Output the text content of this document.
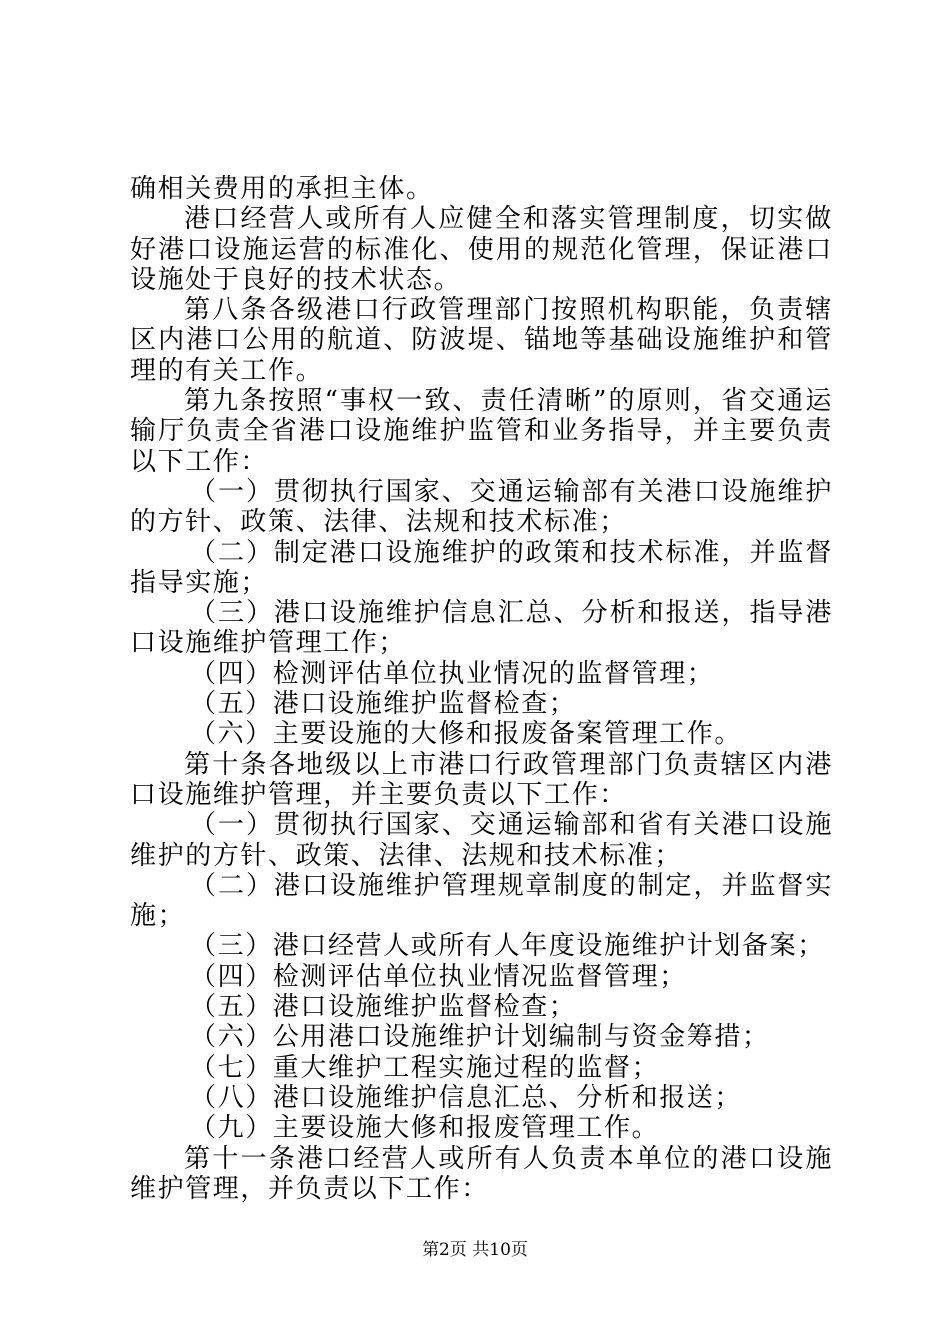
确相关费用的承担主体。

港口经营人或所有人应健全和落实管理制度，切实做好港口设施运营的标准化、使用的规范化管理，保证港口设施处于良好的技术状态。

第八条各级港口行政管理部门按照机构职能，负责辖区内港口公用的航道、防波堤、锚地等基础设施维护和管理的有关工作。

第九条按照“事权一致、责任清晰”的原则，省交通运输厅负责全省港口设施维护监管和业务指导，并主要负责以下工作：

（一）贯彻执行国家、交通运输部有关港口设施维护的方针、政策、法律、法规和技术标准；

（二）制定港口设施维护的政策和技术标准，并监督指导实施；

（三）港口设施维护信息汇总、分析和报送，指导港口设施维护管理工作；

（四）检测评估单位执业情况的监督管理；

（五）港口设施维护监督检查；

（六）主要设施的大修和报废备案管理工作。

第十条各地级以上市港口行政管理部门负责辖区内港口设施维护管理，并主要负责以下工作：

（一）贯彻执行国家、交通运输部和省有关港口设施维护的方针、政策、法律、法规和技术标准；

（二）港口设施维护管理规章制度的制定，并监督实施；

（三）港口经营人或所有人年度设施维护计划备案；

（四）检测评估单位执业情况监督管理；

（五）港口设施维护监督检查；

（六）公用港口设施维护计划编制与资金筹措；

（七）重大维护工程实施过程的监督；

（八）港口设施维护信息汇总、分析和报送；

（九）主要设施大修和报废管理工作。

第十一条港口经营人或所有人负责本单位的港口设施维护管理，并负责以下工作：

第2页 共10页
